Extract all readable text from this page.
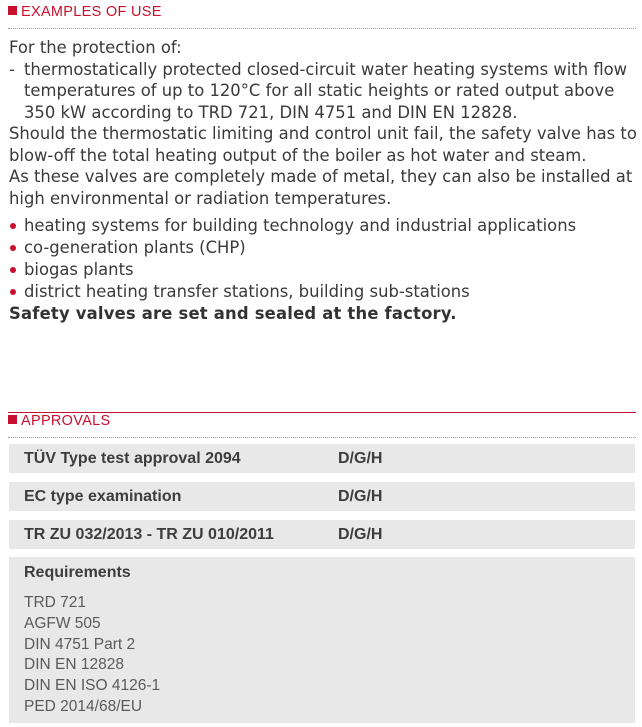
EXAMPLES OF USE

For the protection of:

- thermostatically protected closed-circuit water heating systems with flow temperatures of up to 120°C for all static heights or rated output above 350 kW according to TRD 721, DIN 4751 and DIN EN 12828.

Should the thermostatic limiting and control unit fail, the safety valve has to blow-off the total heating output of the boiler as hot water and steam.

As these valves are completely made of metal, they can also be installed at high environmental or radiation temperatures.

heating systems for building technology and industrial applications
co-generation plants (CHP)
biogas plants
district heating transfer stations, building sub-stations

Safety valves are set and sealed at the factory.

APPROVALS
TÜV Type test approval 2094	D/G/H
EC type examination	D/G/H
TR ZU 032/2013 - TR ZU 010/2011	D/G/H
Requirements
TRD 721
AGFW 505
DIN 4751 Part 2
DIN EN 12828
DIN EN ISO 4126-1
PED 2014/68/EU
